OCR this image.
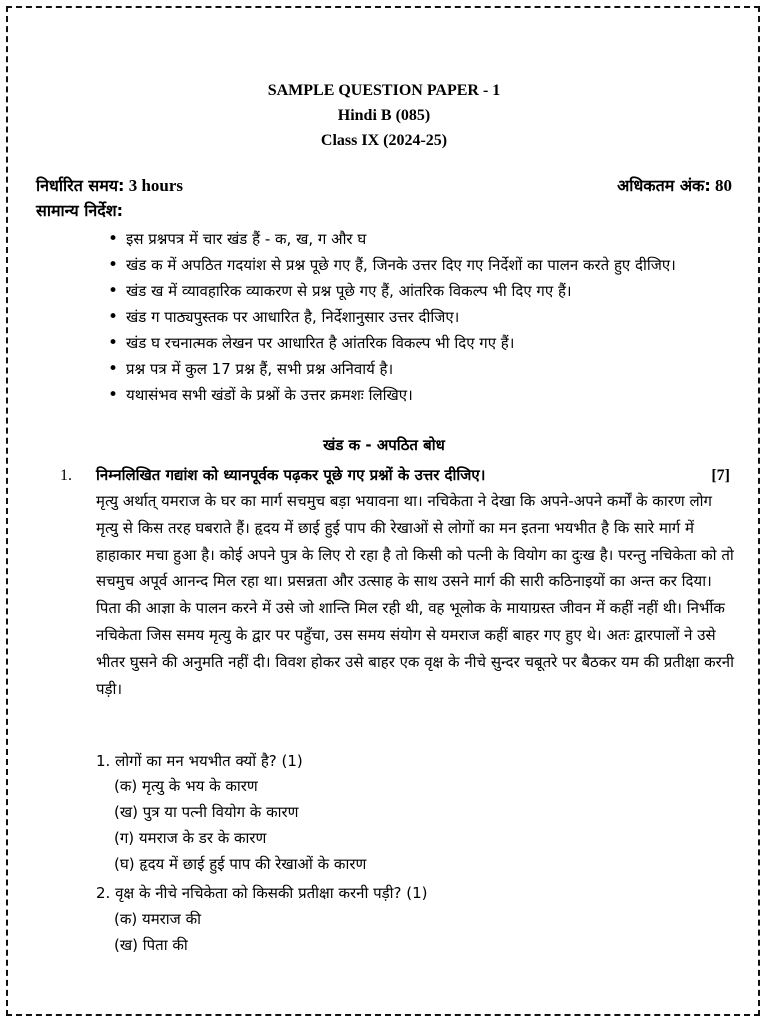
SAMPLE QUESTION PAPER - 1
Hindi B (085)
Class IX (2024-25)
निर्धारित समय: 3 hours	अधिकतम अंक: 80
सामान्य निर्देश:
• इस प्रश्नपत्र में चार खंड हैं - क, ख, ग और घ
• खंड क में अपठित गदयांश से प्रश्न पूछे गए हैं, जिनके उत्तर दिए गए निर्देशों का पालन करते हुए दीजिए।
• खंड ख में व्यावहारिक व्याकरण से प्रश्न पूछे गए हैं, आंतरिक विकल्प भी दिए गए हैं।
• खंड ग पाठ्यपुस्तक पर आधारित है, निर्देशानुसार उत्तर दीजिए।
• खंड घ रचनात्मक लेखन पर आधारित है आंतरिक विकल्प भी दिए गए हैं।
• प्रश्न पत्र में कुल 17 प्रश्न हैं, सभी प्रश्न अनिवार्य है।
• यथासंभव सभी खंडों के प्रश्नों के उत्तर क्रमशः लिखिए।
खंड क - अपठित बोध
1. निम्नलिखित गद्यांश को ध्यानपूर्वक पढ़कर पूछे गए प्रश्नों के उत्तर दीजिए।	[7]

मृत्यु अर्थात् यमराज के घर का मार्ग सचमुच बड़ा भयावना था। नचिकेता ने देखा कि अपने-अपने कर्मों के कारण लोग मृत्यु से किस तरह घबराते हैं। हृदय में छाई हुई पाप की रेखाओं से लोगों का मन इतना भयभीत है कि सारे मार्ग में हाहाकार मचा हुआ है। कोई अपने पुत्र के लिए रो रहा है तो किसी को पत्नी के वियोग का दुःख है। परन्तु नचिकेता को तो सचमुच अपूर्व आनन्द मिल रहा था। प्रसन्नता और उत्साह के साथ उसने मार्ग की सारी कठिनाइयों का अन्त कर दिया। पिता की आज्ञा के पालन करने में उसे जो शान्ति मिल रही थी, वह भूलोक के मायाग्रस्त जीवन में कहीं नहीं थी। निर्भीक नचिकेता जिस समय मृत्यु के द्वार पर पहुँचा, उस समय संयोग से यमराज कहीं बाहर गए हुए थे। अतः द्वारपालों ने उसे भीतर घुसने की अनुमति नहीं दी। विवश होकर उसे बाहर एक वृक्ष के नीचे सुन्दर चबूतरे पर बैठकर यम की प्रतीक्षा करनी पड़ी।

1. लोगों का मन भयभीत क्यों है? (1)
(क) मृत्यु के भय के कारण
(ख) पुत्र या पत्नी वियोग के कारण
(ग) यमराज के डर के कारण
(घ) हृदय में छाई हुई पाप की रेखाओं के कारण
2. वृक्ष के नीचे नचिकेता को किसकी प्रतीक्षा करनी पड़ी? (1)
(क) यमराज की
(ख) पिता की
